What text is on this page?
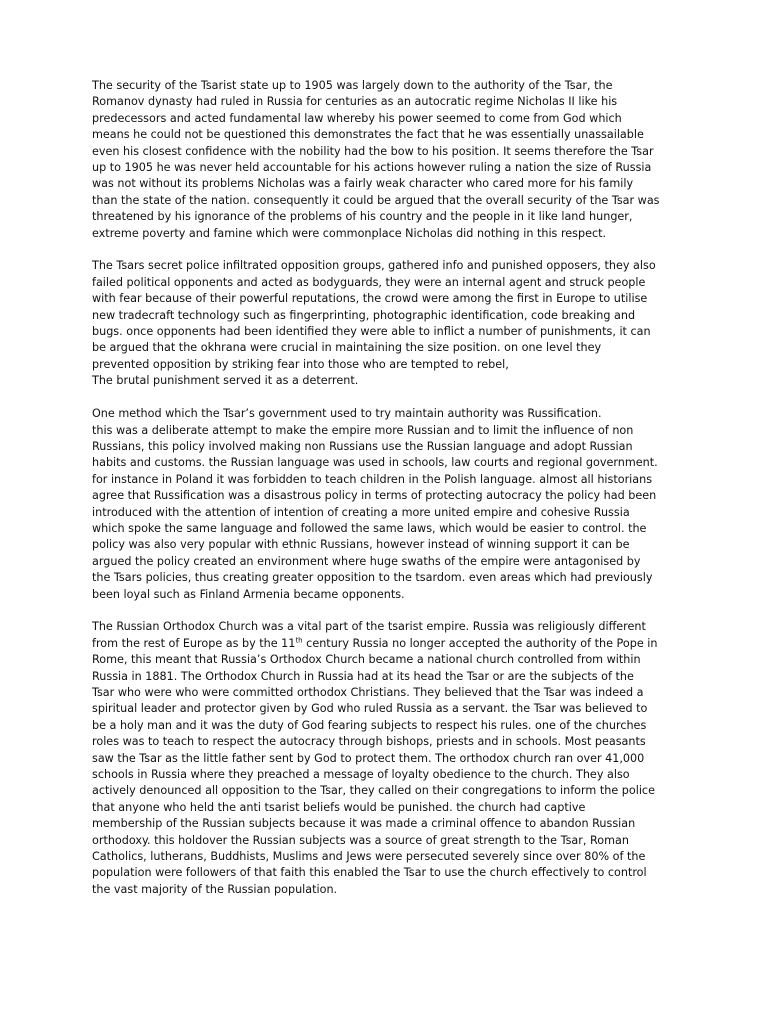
The security of the Tsarist state up to 1905 was largely down to the authority of the Tsar, the
Romanov dynasty had ruled in Russia for centuries as an autocratic regime Nicholas II like his
predecessors and acted fundamental law whereby his power seemed to come from God which
means he could not be questioned this demonstrates the fact that he was essentially unassailable
even his closest confidence with the nobility had the bow to his position. It seems therefore the Tsar
up to 1905 he was never held accountable for his actions however ruling a nation the size of Russia
was not without its problems Nicholas was a fairly weak character who cared more for his family
than the state of the nation. consequently it could be argued that the overall security of the Tsar was
threatened by his ignorance of the problems of his country and the people in it like land hunger,
extreme poverty and famine which were commonplace Nicholas did nothing in this respect.
The Tsars secret police infiltrated opposition groups, gathered info and punished opposers, they also
failed political opponents and acted as bodyguards, they were an internal agent and struck people
with fear because of their powerful reputations, the crowd were among the first in Europe to utilise
new tradecraft technology such as fingerprinting, photographic identification, code breaking and
bugs. once opponents had been identified they were able to inflict a number of punishments, it can
be argued that the okhrana were crucial in maintaining the size position. on one level they
prevented opposition by striking fear into those who are tempted to rebel,
The brutal punishment served it as a deterrent.
One method which the Tsar’s government used to try maintain authority was Russification.
this was a deliberate attempt to make the empire more Russian and to limit the influence of non
Russians, this policy involved making non Russians use the Russian language and adopt Russian
habits and customs. the Russian language was used in schools, law courts and regional government.
for instance in Poland it was forbidden to teach children in the Polish language. almost all historians
agree that Russification was a disastrous policy in terms of protecting autocracy the policy had been
introduced with the attention of intention of creating a more united empire and cohesive Russia
which spoke the same language and followed the same laws, which would be easier to control. the
policy was also very popular with ethnic Russians, however instead of winning support it can be
argued the policy created an environment where huge swaths of the empire were antagonised by
the Tsars policies, thus creating greater opposition to the tsardom. even areas which had previously
been loyal such as Finland Armenia became opponents.
The Russian Orthodox Church was a vital part of the tsarist empire. Russia was religiously different
from the rest of Europe as by the 11th century Russia no longer accepted the authority of the Pope in
Rome, this meant that Russia’s Orthodox Church became a national church controlled from within
Russia in 1881. The Orthodox Church in Russia had at its head the Tsar or are the subjects of the
Tsar who were who were committed orthodox Christians. They believed that the Tsar was indeed a
spiritual leader and protector given by God who ruled Russia as a servant. the Tsar was believed to
be a holy man and it was the duty of God fearing subjects to respect his rules. one of the churches
roles was to teach to respect the autocracy through bishops, priests and in schools. Most peasants
saw the Tsar as the little father sent by God to protect them. The orthodox church ran over 41,000
schools in Russia where they preached a message of loyalty obedience to the church. They also
actively denounced all opposition to the Tsar, they called on their congregations to inform the police
that anyone who held the anti tsarist beliefs would be punished. the church had captive
membership of the Russian subjects because it was made a criminal offence to abandon Russian
orthodoxy. this holdover the Russian subjects was a source of great strength to the Tsar, Roman
Catholics, lutherans, Buddhists, Muslims and Jews were persecuted severely since over 80% of the
population were followers of that faith this enabled the Tsar to use the church effectively to control
the vast majority of the Russian population.
